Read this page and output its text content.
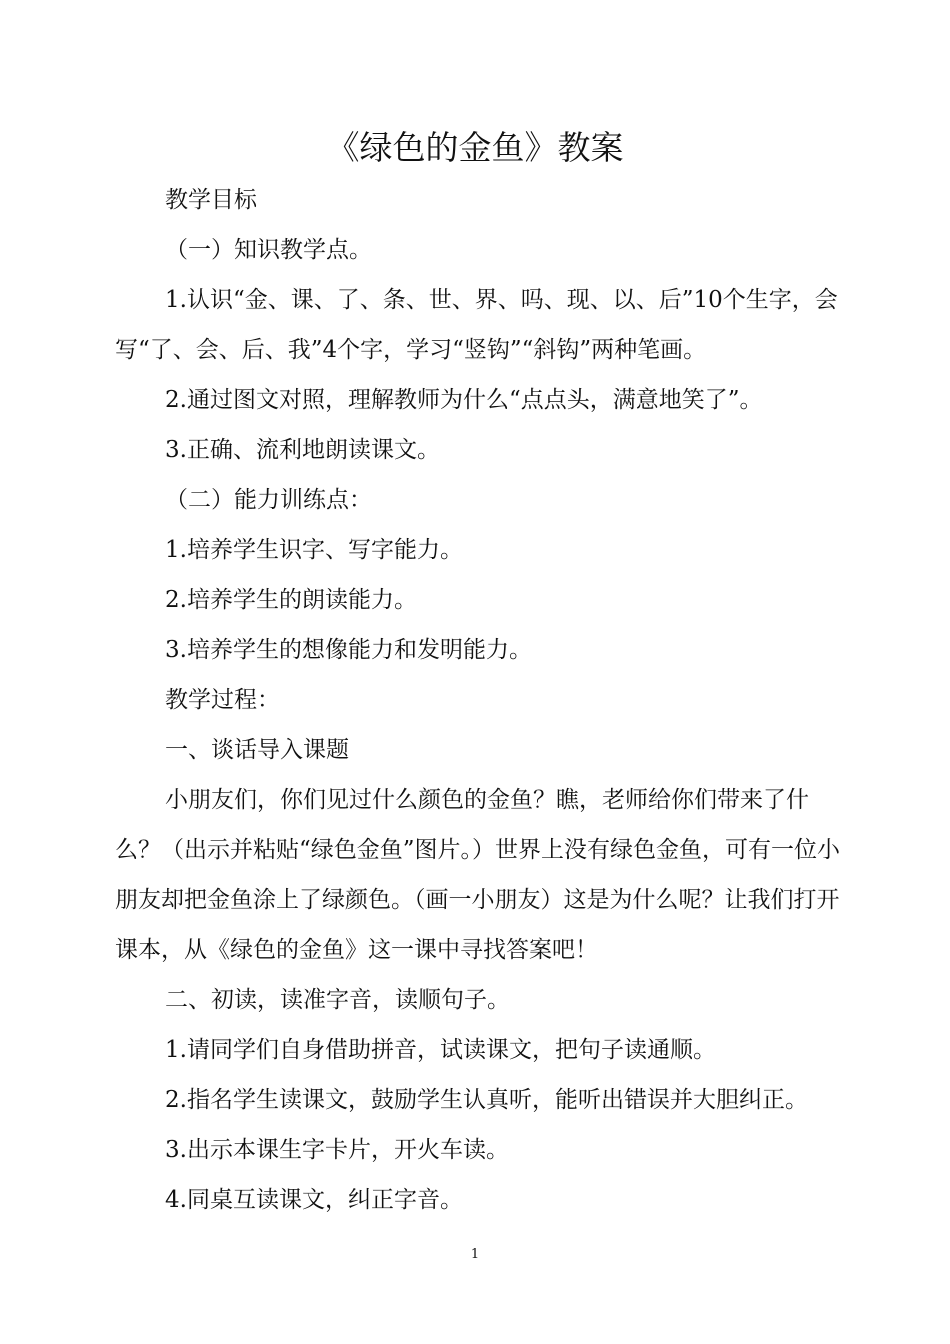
《绿色的金鱼》教案

教学目标

（一）知识教学点。

1.认识“金、课、了、条、世、界、吗、现、以、后”10个生字，会写“了、会、后、我”4个字，学习“竖钩”“斜钩”两种笔画。

2.通过图文对照，理解教师为什么“点点头，满意地笑了”。

3.正确、流利地朗读课文。

（二）能力训练点：

1.培养学生识字、写字能力。

2.培养学生的朗读能力。

3.培养学生的想像能力和发明能力。

教学过程：

一、谈话导入课题

小朋友们，你们见过什么颜色的金鱼？瞧，老师给你们带来了什么？（出示并粘贴“绿色金鱼”图片。）世界上没有绿色金鱼，可有一位小朋友却把金鱼涂上了绿颜色。（画一小朋友）这是为什么呢？让我们打开课本，从《绿色的金鱼》这一课中寻找答案吧！

二、初读，读准字音，读顺句子。

1.请同学们自身借助拼音，试读课文，把句子读通顺。

2.指名学生读课文，鼓励学生认真听，能听出错误并大胆纠正。

3.出示本课生字卡片，开火车读。

4.同桌互读课文，纠正字音。

1
